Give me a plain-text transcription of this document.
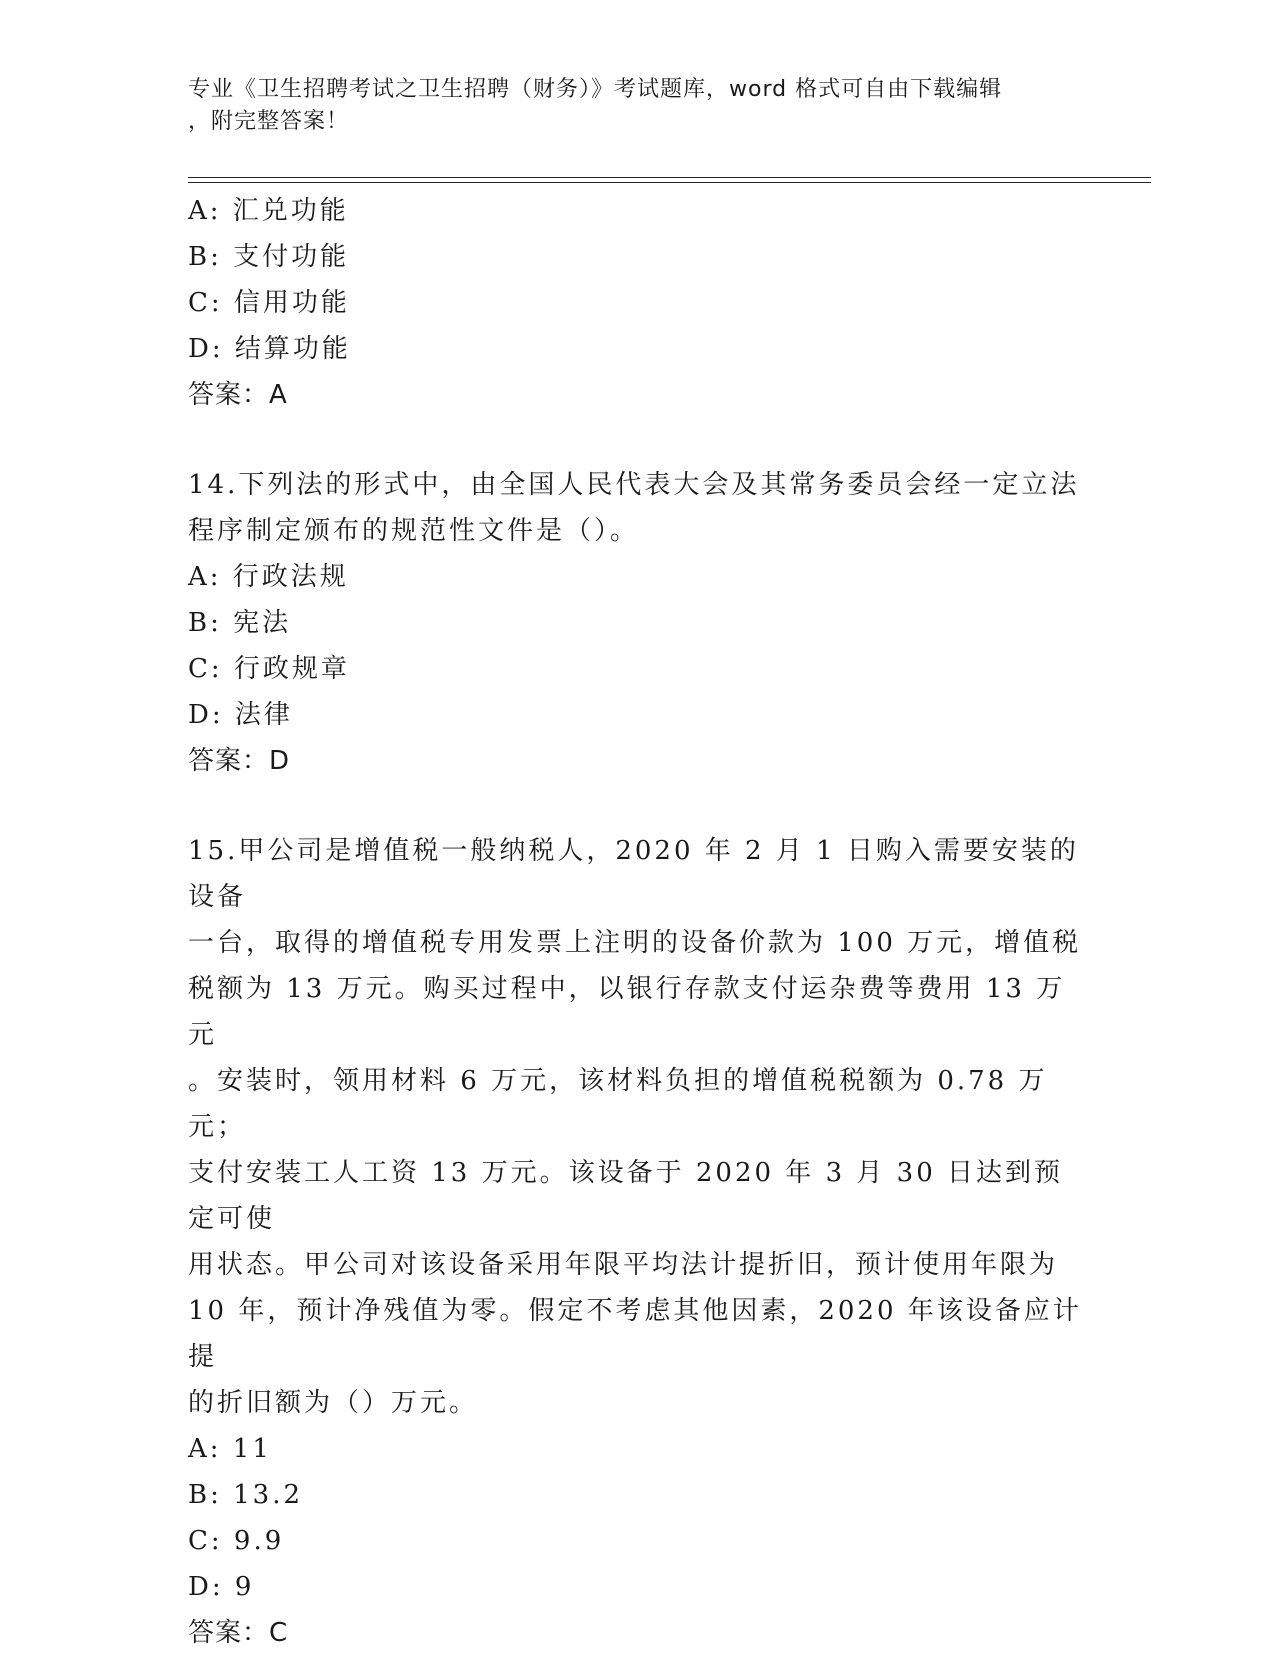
专业《卫生招聘考试之卫生招聘（财务）》考试题库，word 格式可自由下载编辑
，附完整答案！
A: 汇兑功能
B: 支付功能
C: 信用功能
D: 结算功能
答案：A
14.下列法的形式中，由全国人民代表大会及其常务委员会经一定立法
程序制定颁布的规范性文件是（）。
A: 行政法规
B: 宪法
C: 行政规章
D: 法律
答案：D
15.甲公司是增值税一般纳税人，2020 年 2 月 1 日购入需要安装的设备
一台，取得的增值税专用发票上注明的设备价款为 100 万元，增值税
税额为 13 万元。购买过程中，以银行存款支付运杂费等费用 13 万元
。安装时，领用材料 6 万元，该材料负担的增值税税额为 0.78 万元；
支付安装工人工资 13 万元。该设备于 2020 年 3 月 30 日达到预定可使
用状态。甲公司对该设备采用年限平均法计提折旧，预计使用年限为
10 年，预计净残值为零。假定不考虑其他因素，2020 年该设备应计提
的折旧额为（）万元。
A: 11
B: 13.2
C: 9.9
D: 9
答案：C
